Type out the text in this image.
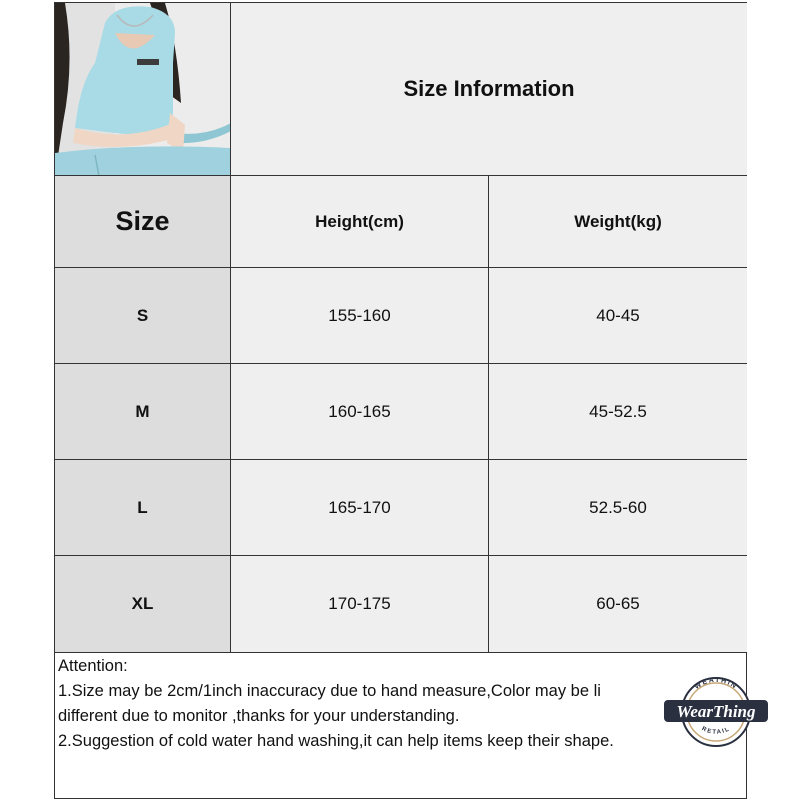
Size Information
Size	Height(cm)	Weight(kg)
S	155-160	40-45
M	160-165	45-52.5
L	165-170	52.5-60
XL	170-175	60-65
Attention:
1.Size may be 2cm/1inch inaccuracy due to hand measure,Color may be li
different due to monitor ,thanks for your understanding.
2.Suggestion of cold water hand washing,it can help items keep their shape.
WEATHIN
RETAIL
WearThing
